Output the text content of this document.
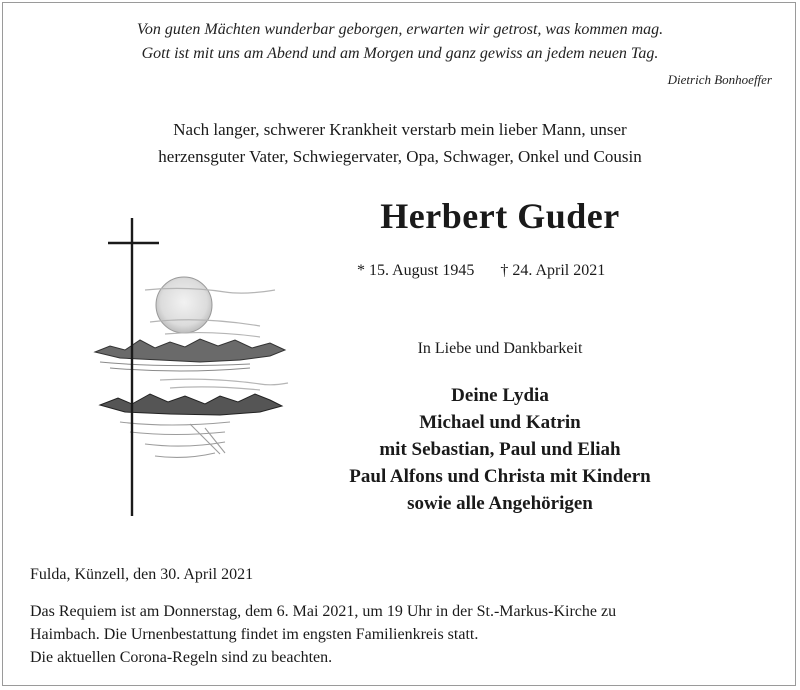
Von guten Mächten wunderbar geborgen, erwarten wir getrost, was kommen mag.
Gott ist mit uns am Abend und am Morgen und ganz gewiss an jedem neuen Tag.
Dietrich Bonhoeffer
Nach langer, schwerer Krankheit verstarb mein lieber Mann, unser
herzensguter Vater, Schwiegervater, Opa, Schwager, Onkel und Cousin
Herbert Guder
* 15. August 1945 † 24. April 2021
In Liebe und Dankbarkeit
Deine Lydia
Michael und Katrin
mit Sebastian, Paul und Eliah
Paul Alfons und Christa mit Kindern
sowie alle Angehörigen
Fulda, Künzell, den 30. April 2021
Das Requiem ist am Donnerstag, dem 6. Mai 2021, um 19 Uhr in der St.-Markus-Kirche zu
Haimbach. Die Urnenbestattung findet im engsten Familienkreis statt.
Die aktuellen Corona-Regeln sind zu beachten.
